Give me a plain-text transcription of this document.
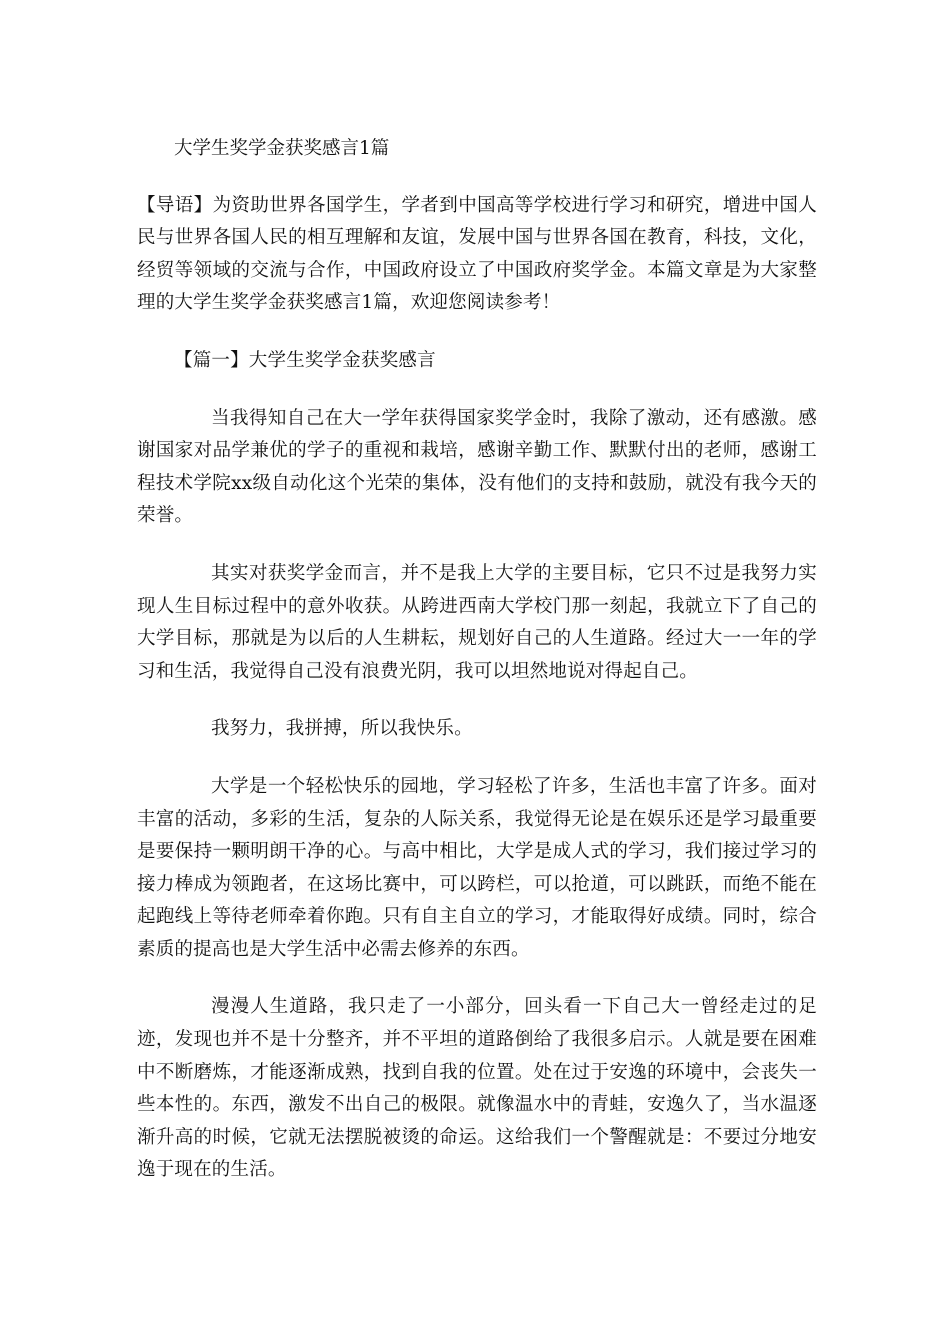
大学生奖学金获奖感言1篇

【导语】为资助世界各国学生，学者到中国高等学校进行学习和研究，增进中国人民与世界各国人民的相互理解和友谊，发展中国与世界各国在教育，科技，文化，经贸等领域的交流与合作，中国政府设立了中国政府奖学金。本篇文章是为大家整理的大学生奖学金获奖感言1篇，欢迎您阅读参考！

【篇一】大学生奖学金获奖感言

当我得知自己在大一学年获得国家奖学金时，我除了激动，还有感激。感谢国家对品学兼优的学子的重视和栽培，感谢辛勤工作、默默付出的老师，感谢工程技术学院xx级自动化这个光荣的集体，没有他们的支持和鼓励，就没有我今天的荣誉。

其实对获奖学金而言，并不是我上大学的主要目标，它只不过是我努力实现人生目标过程中的意外收获。从跨进西南大学校门那一刻起，我就立下了自己的大学目标，那就是为以后的人生耕耘，规划好自己的人生道路。经过大一一年的学习和生活，我觉得自己没有浪费光阴，我可以坦然地说对得起自己。

我努力，我拼搏，所以我快乐。

大学是一个轻松快乐的园地，学习轻松了许多，生活也丰富了许多。面对丰富的活动，多彩的生活，复杂的人际关系，我觉得无论是在娱乐还是学习最重要是要保持一颗明朗干净的心。与高中相比，大学是成人式的学习，我们接过学习的接力棒成为领跑者，在这场比赛中，可以跨栏，可以抢道，可以跳跃，而绝不能在起跑线上等待老师牵着你跑。只有自主自立的学习，才能取得好成绩。同时，综合素质的提高也是大学生活中必需去修养的东西。

漫漫人生道路，我只走了一小部分，回头看一下自己大一曾经走过的足迹，发现也并不是十分整齐，并不平坦的道路倒给了我很多启示。人就是要在困难中不断磨炼，才能逐渐成熟，找到自我的位置。处在过于安逸的环境中，会丧失一些本性的。东西，激发不出自己的极限。就像温水中的青蛙，安逸久了，当水温逐渐升高的时候，它就无法摆脱被烫的命运。这给我们一个警醒就是：不要过分地安逸于现在的生活。
